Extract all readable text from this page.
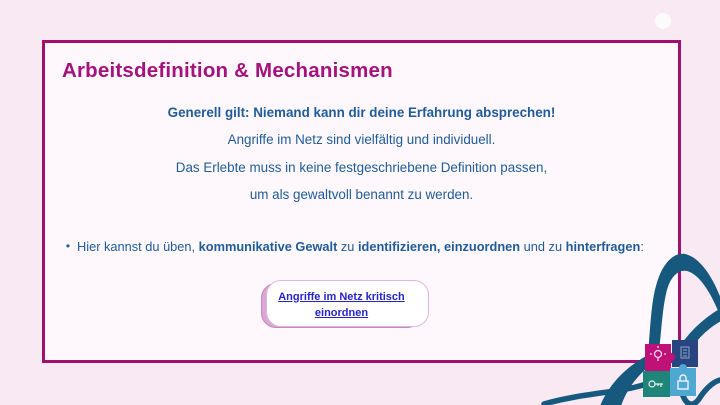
Arbeitsdefinition & Mechanismen
Generell gilt: Niemand kann dir deine Erfahrung absprechen!
Angriffe im Netz sind vielfältig und individuell.
Das Erlebte muss in keine festgeschriebene Definition passen,
um als gewaltvoll benannt zu werden.
• Hier kannst du üben, kommunikative Gewalt zu identifizieren, einzuordnen und zu hinterfragen:
Angriffe im Netz kritisch einordnen
